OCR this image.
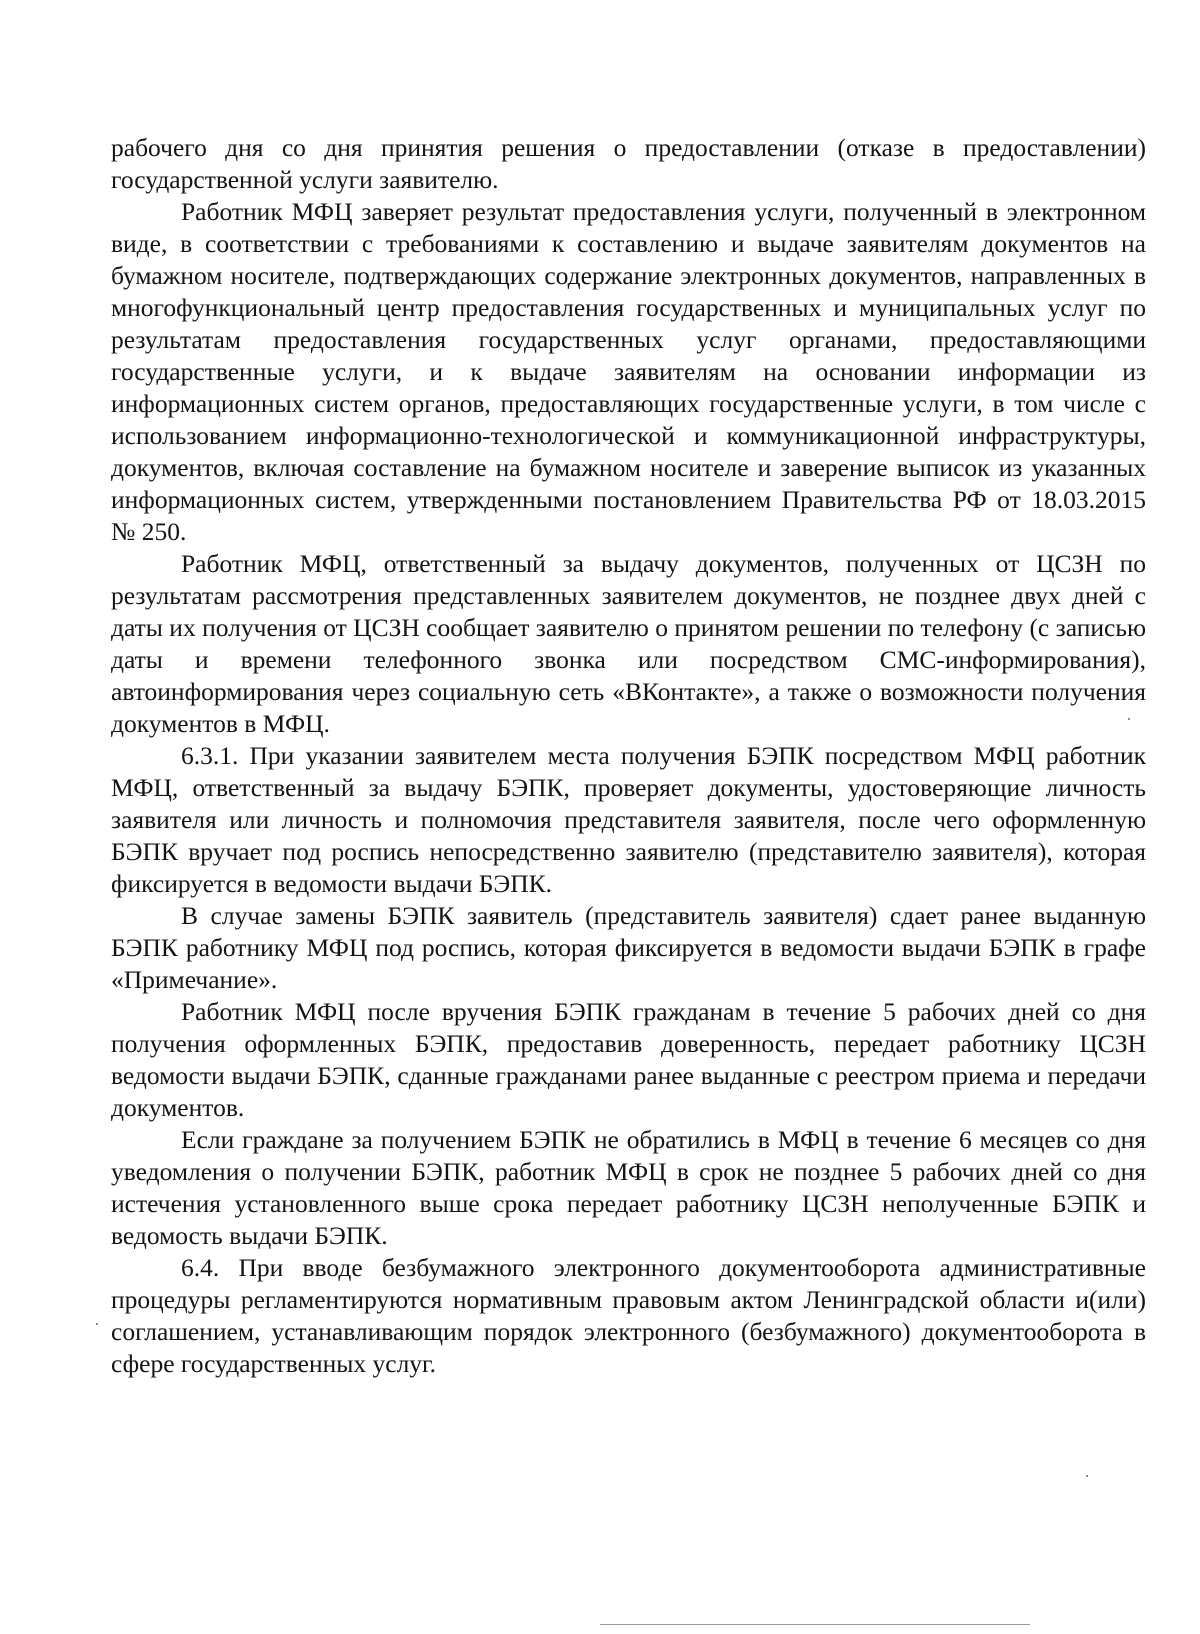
рабочего дня со дня принятия решения о предоставлении (отказе в предоставлении) государственной услуги заявителю.

Работник МФЦ заверяет результат предоставления услуги, полученный в электронном виде, в соответствии с требованиями к составлению и выдаче заявителям документов на бумажном носителе, подтверждающих содержание электронных документов, направленных в многофункциональный центр предоставления государственных и муниципальных услуг по результатам предоставления государственных услуг органами, предоставляющими государственные услуги, и к выдаче заявителям на основании информации из информационных систем органов, предоставляющих государственные услуги, в том числе с использованием информационно-технологической и коммуникационной инфраструктуры, документов, включая составление на бумажном носителе и заверение выписок из указанных информационных систем, утвержденными постановлением Правительства РФ от 18.03.2015 № 250.

Работник МФЦ, ответственный за выдачу документов, полученных от ЦСЗН по результатам рассмотрения представленных заявителем документов, не позднее двух дней с даты их получения от ЦСЗН сообщает заявителю о принятом решении по телефону (с записью даты и времени телефонного звонка или посредством СМС-информирования), автоинформирования через социальную сеть «ВКонтакте», а также о возможности получения документов в МФЦ.

6.3.1. При указании заявителем места получения БЭПК посредством МФЦ работник МФЦ, ответственный за выдачу БЭПК, проверяет документы, удостоверяющие личность заявителя или личность и полномочия представителя заявителя, после чего оформленную БЭПК вручает под роспись непосредственно заявителю (представителю заявителя), которая фиксируется в ведомости выдачи БЭПК.

В случае замены БЭПК заявитель (представитель заявителя) сдает ранее выданную БЭПК работнику МФЦ под роспись, которая фиксируется в ведомости выдачи БЭПК в графе «Примечание».

Работник МФЦ после вручения БЭПК гражданам в течение 5 рабочих дней со дня получения оформленных БЭПК, предоставив доверенность, передает работнику ЦСЗН ведомости выдачи БЭПК, сданные гражданами ранее выданные с реестром приема и передачи документов.

Если граждане за получением БЭПК не обратились в МФЦ в течение 6 месяцев со дня уведомления о получении БЭПК, работник МФЦ в срок не позднее 5 рабочих дней со дня истечения установленного выше срока передает работнику ЦСЗН неполученные БЭПК и ведомость выдачи БЭПК.

6.4. При вводе безбумажного электронного документооборота административные процедуры регламентируются нормативным правовым актом Ленинградской области и(или) соглашением, устанавливающим порядок электронного (безбумажного) документооборота в сфере государственных услуг.
